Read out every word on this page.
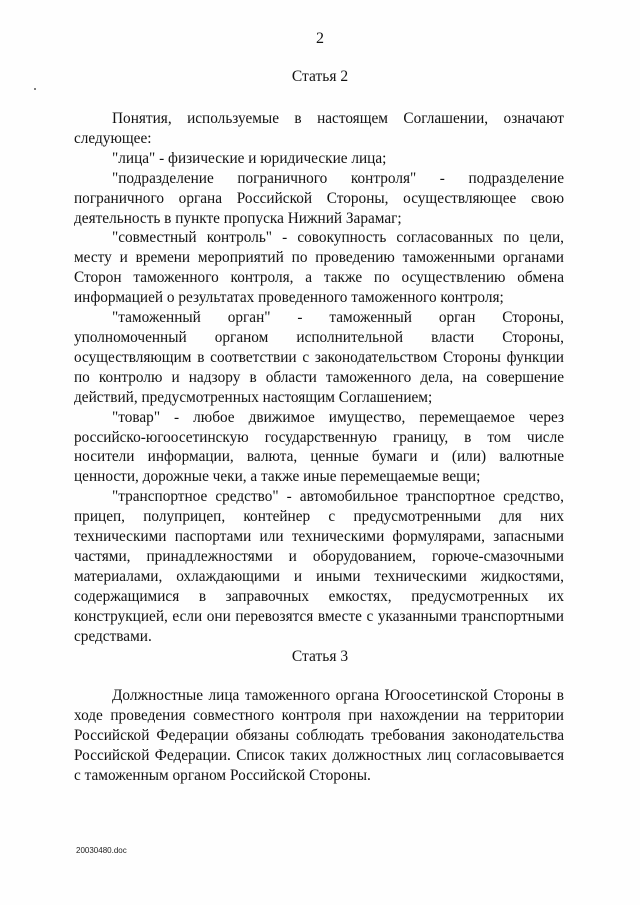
2
Статья 2

Понятия, используемые в настоящем Соглашении, означают следующее:

"лица" - физические и юридические лица;

"подразделение пограничного контроля" - подразделение пограничного органа Российской Стороны, осуществляющее свою деятельность в пункте пропуска Нижний Зарамаг;

"совместный контроль" - совокупность согласованных по цели, месту и времени мероприятий по проведению таможенными органами Сторон таможенного контроля, а также по осуществлению обмена информацией о результатах проведенного таможенного контроля;

"таможенный орган" - таможенный орган Стороны, уполномоченный органом исполнительной власти Стороны, осуществляющим в соответствии с законодательством Стороны функции по контролю и надзору в области таможенного дела, на совершение действий, предусмотренных настоящим Соглашением;

"товар" - любое движимое имущество, перемещаемое через российско-югоосетинскую государственную границу, в том числе носители информации, валюта, ценные бумаги и (или) валютные ценности, дорожные чеки, а также иные перемещаемые вещи;

"транспортное средство" - автомобильное транспортное средство, прицеп, полуприцеп, контейнер с предусмотренными для них техническими паспортами или техническими формулярами, запасными частями, принадлежностями и оборудованием, горюче-смазочными материалами, охлаждающими и иными техническими жидкостями, содержащимися в заправочных емкостях, предусмотренных их конструкцией, если они перевозятся вместе с указанными транспортными средствами.

Статья 3

Должностные лица таможенного органа Югоосетинской Стороны в ходе проведения совместного контроля при нахождении на территории Российской Федерации обязаны соблюдать требования законодательства Российской Федерации. Список таких должностных лиц согласовывается с таможенным органом Российской Стороны.

20030480.doc
